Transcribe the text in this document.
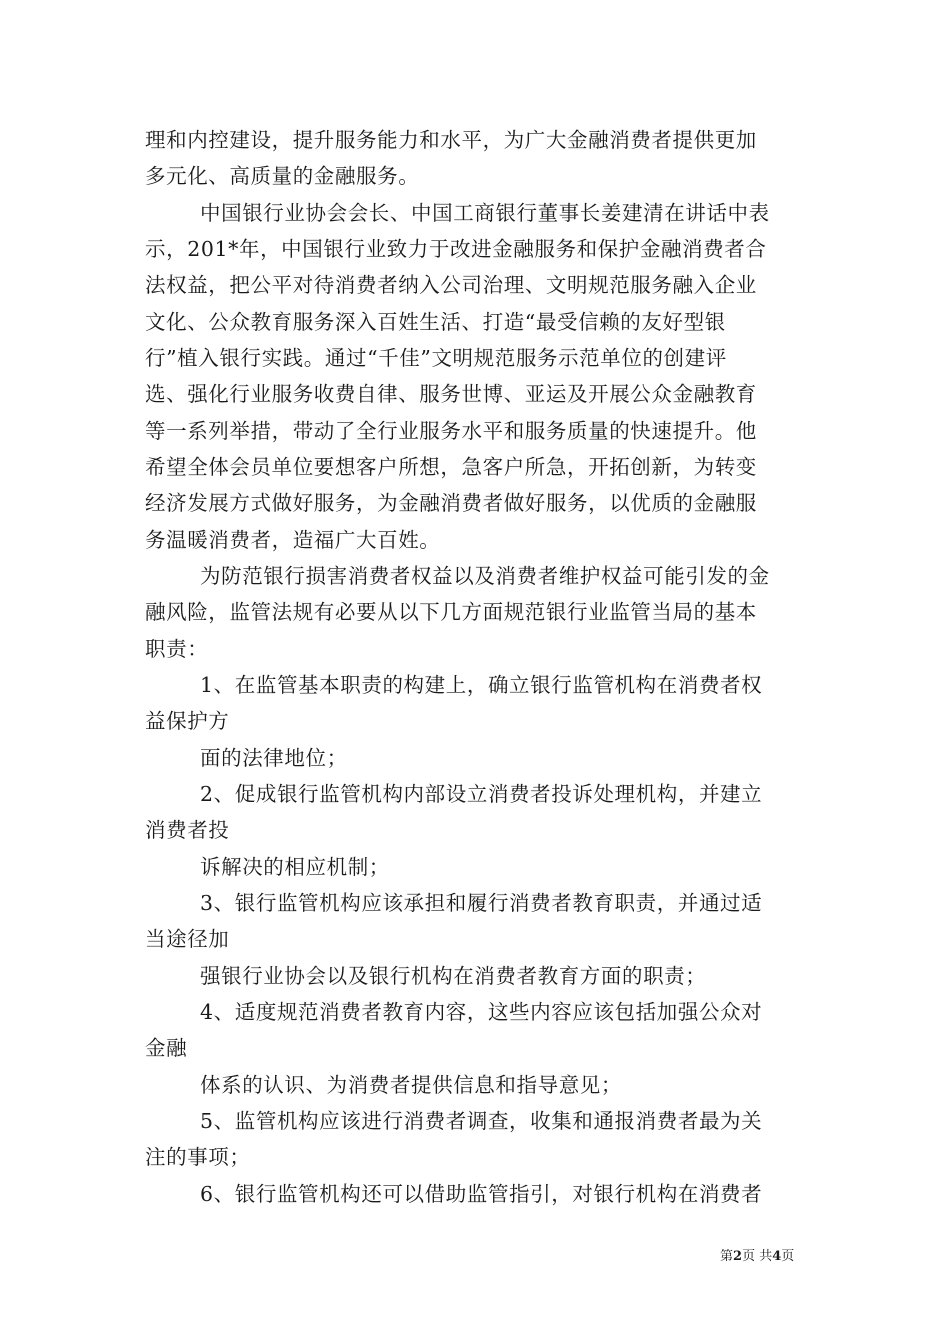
理和内控建设，提升服务能力和水平，为广大金融消费者提供更加
多元化、高质量的金融服务。
中国银行业协会会长、中国工商银行董事长姜建清在讲话中表
示，201*年，中国银行业致力于改进金融服务和保护金融消费者合
法权益，把公平对待消费者纳入公司治理、文明规范服务融入企业
文化、公众教育服务深入百姓生活、打造“最受信赖的友好型银
行”植入银行实践。通过“千佳”文明规范服务示范单位的创建评
选、强化行业服务收费自律、服务世博、亚运及开展公众金融教育
等一系列举措，带动了全行业服务水平和服务质量的快速提升。他
希望全体会员单位要想客户所想，急客户所急，开拓创新，为转变
经济发展方式做好服务，为金融消费者做好服务，以优质的金融服
务温暖消费者，造福广大百姓。
为防范银行损害消费者权益以及消费者维护权益可能引发的金
融风险，监管法规有必要从以下几方面规范银行业监管当局的基本
职责：
1、在监管基本职责的构建上，确立银行监管机构在消费者权
益保护方
面的法律地位；
2、促成银行监管机构内部设立消费者投诉处理机构，并建立
消费者投
诉解决的相应机制；
3、银行监管机构应该承担和履行消费者教育职责，并通过适
当途径加
强银行业协会以及银行机构在消费者教育方面的职责；
4、适度规范消费者教育内容，这些内容应该包括加强公众对
金融
体系的认识、为消费者提供信息和指导意见；
5、监管机构应该进行消费者调查，收集和通报消费者最为关
注的事项；
6、银行监管机构还可以借助监管指引，对银行机构在消费者
第2页 共4页
